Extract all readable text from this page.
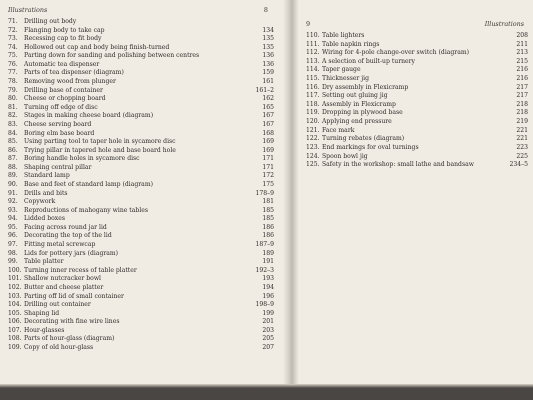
Illustrations	8
71.	Drilling out body
72.	Flanging body to take cap	134
73.	Recessing cap to fit body	135
74.	Hollowed out cap and body being finish-turned	135
75.	Parting down for sanding and polishing between centres	136
76.	Automatic tea dispenser	136
77.	Parts of tea dispenser (diagram)	159
78.	Removing wood from plunger	161
79.	Drilling base of container	161–2
80.	Cheese or chopping board	162
81.	Turning off edge of disc	165
82.	Stages in making cheese board (diagram)	167
83.	Cheese serving board	167
84.	Boring elm base board	168
85.	Using parting tool to taper hole in sycamore disc	169
86.	Trying pillar in tapered hole and base board hole	169
87.	Boring handle holes in sycamore disc	171
88.	Shaping central pillar	171
89.	Standard lamp	172
90.	Base and feet of standard lamp (diagram)	175
91.	Drills and bits	178–9
92.	Copywork	181
93.	Reproductions of mahogany wine tables	185
94.	Lidded boxes	185
95.	Facing across round jar lid	186
96.	Decorating the top of the lid	186
97.	Fitting metal screwcap	187–9
98.	Lids for pottery jars (diagram)	189
99.	Table platter	191
100. Turning inner recess of table platter	192–3
101. Shallow nutcracker bowl	193
102. Butter and cheese platter	194
103. Parting off lid of small container	196
104. Drilling out container	198–9
105. Shaping lid	199
106. Decorating with fine wire lines	201
107. Hour-glasses	203
108. Parts of hour-glass (diagram)	205
109. Copy of old hour-glass	207
9	Illustrations
110. Table lighters	208
111. Table napkin rings	211
112. Wiring for 4-pole change-over switch (diagram)	213
113. A selection of built-up turnery	215
114. Taper gauge	216
115. Thicknesser jig	216
116. Dry assembly in Flexicramp	217
117. Setting out gluing jig	217
118. Assembly in Flexicramp	218
119. Dropping in plywood base	218
120. Applying end pressure	219
121. Face mark	221
122. Turning rebates (diagram)	221
123. End markings for oval turnings	223
124. Spoon bowl jig	225
125. Safety in the workshop: small lathe and bandsaw	234–5
